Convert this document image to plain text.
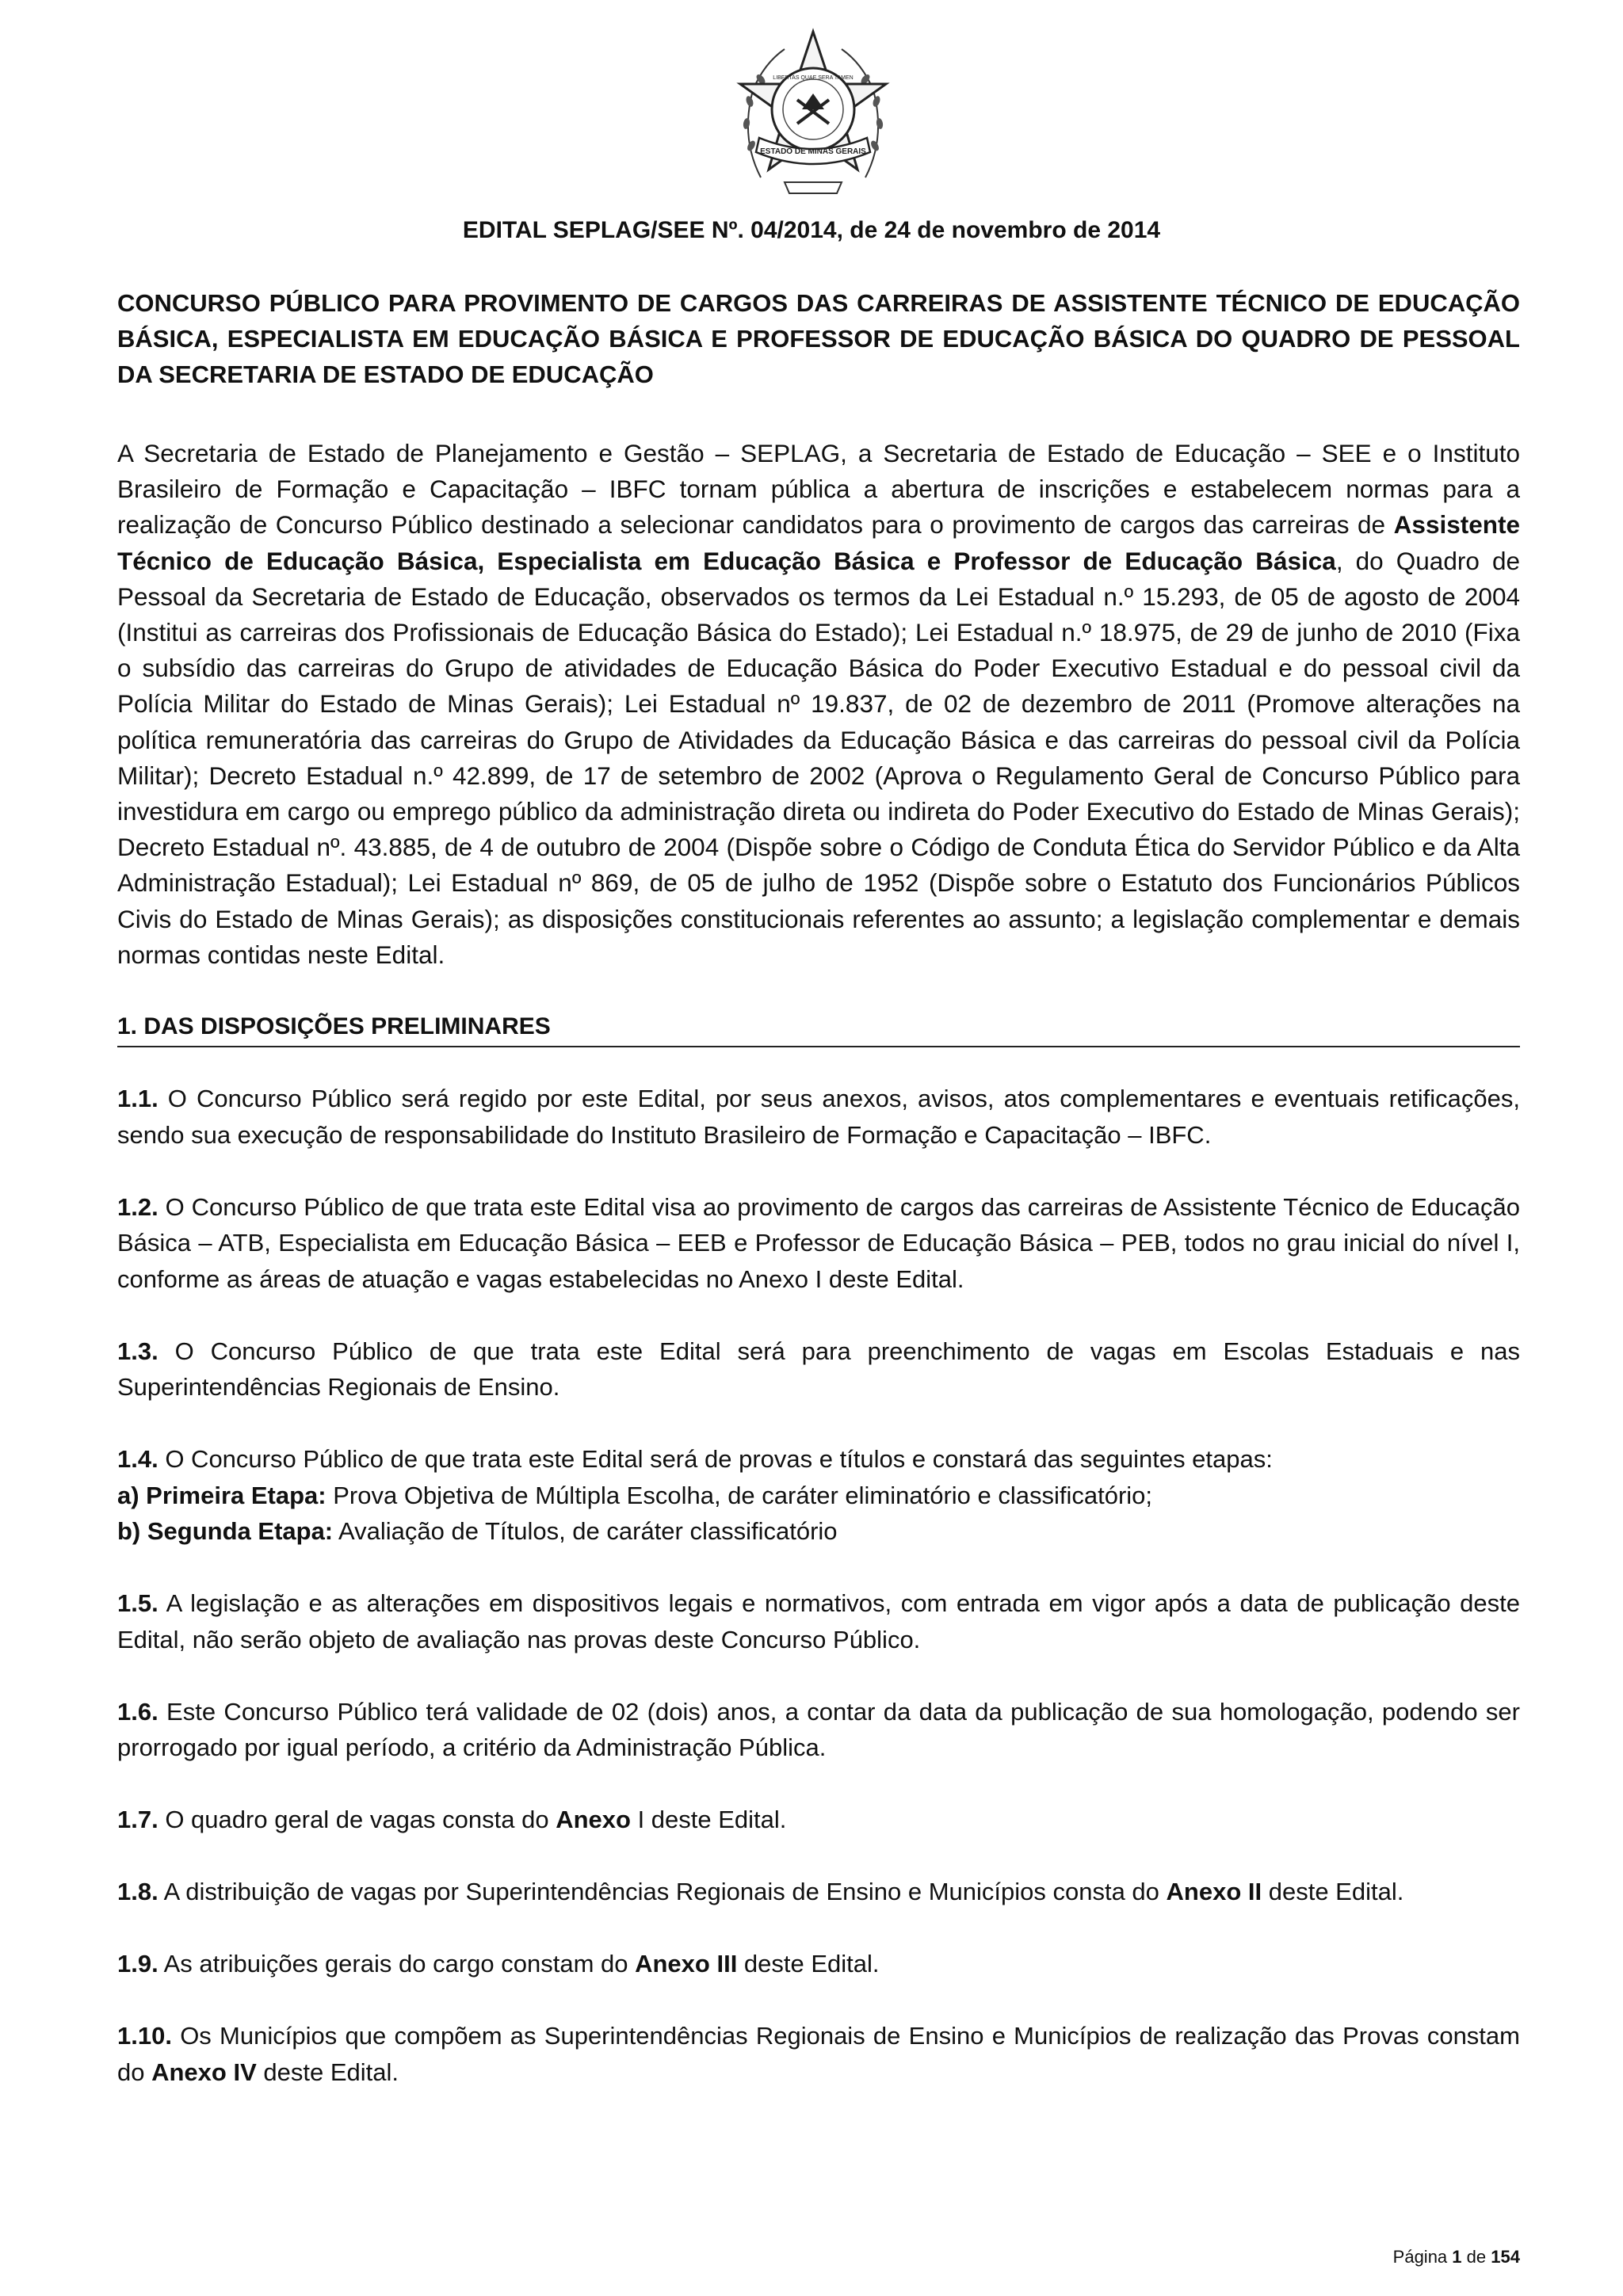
ESTADO DE MINAS GERAIS
LIBERTAS QUAE SERA TAMEN
EDITAL SEPLAG/SEE Nº. 04/2014, de 24 de novembro de 2014

CONCURSO PÚBLICO PARA PROVIMENTO DE CARGOS DAS CARREIRAS DE ASSISTENTE TÉCNICO DE EDUCAÇÃO BÁSICA, ESPECIALISTA EM EDUCAÇÃO BÁSICA E PROFESSOR DE EDUCAÇÃO BÁSICA DO QUADRO DE PESSOAL DA SECRETARIA DE ESTADO DE EDUCAÇÃO

A Secretaria de Estado de Planejamento e Gestão – SEPLAG, a Secretaria de Estado de Educação – SEE e o Instituto Brasileiro de Formação e Capacitação – IBFC tornam pública a abertura de inscrições e estabelecem normas para a realização de Concurso Público destinado a selecionar candidatos para o provimento de cargos das carreiras de Assistente Técnico de Educação Básica, Especialista em Educação Básica e Professor de Educação Básica, do Quadro de Pessoal da Secretaria de Estado de Educação, observados os termos da Lei Estadual n.º 15.293, de 05 de agosto de 2004 (Institui as carreiras dos Profissionais de Educação Básica do Estado); Lei Estadual n.º 18.975, de 29 de junho de 2010 (Fixa o subsídio das carreiras do Grupo de atividades de Educação Básica do Poder Executivo Estadual e do pessoal civil da Polícia Militar do Estado de Minas Gerais); Lei Estadual nº 19.837, de 02 de dezembro de 2011 (Promove alterações na política remuneratória das carreiras do Grupo de Atividades da Educação Básica e das carreiras do pessoal civil da Polícia Militar); Decreto Estadual n.º 42.899, de 17 de setembro de 2002 (Aprova o Regulamento Geral de Concurso Público para investidura em cargo ou emprego público da administração direta ou indireta do Poder Executivo do Estado de Minas Gerais); Decreto Estadual nº. 43.885, de 4 de outubro de 2004 (Dispõe sobre o Código de Conduta Ética do Servidor Público e da Alta Administração Estadual); Lei Estadual nº 869, de 05 de julho de 1952 (Dispõe sobre o Estatuto dos Funcionários Públicos Civis do Estado de Minas Gerais); as disposições constitucionais referentes ao assunto; a legislação complementar e demais normas contidas neste Edital.

1. DAS DISPOSIÇÕES PRELIMINARES

1.1. O Concurso Público será regido por este Edital, por seus anexos, avisos, atos complementares e eventuais retificações, sendo sua execução de responsabilidade do Instituto Brasileiro de Formação e Capacitação – IBFC.

1.2. O Concurso Público de que trata este Edital visa ao provimento de cargos das carreiras de Assistente Técnico de Educação Básica – ATB, Especialista em Educação Básica – EEB e Professor de Educação Básica – PEB, todos no grau inicial do nível I, conforme as áreas de atuação e vagas estabelecidas no Anexo I deste Edital.

1.3. O Concurso Público de que trata este Edital será para preenchimento de vagas em Escolas Estaduais e nas Superintendências Regionais de Ensino.

1.4. O Concurso Público de que trata este Edital será de provas e títulos e constará das seguintes etapas:
a) Primeira Etapa: Prova Objetiva de Múltipla Escolha, de caráter eliminatório e classificatório;
b) Segunda Etapa: Avaliação de Títulos, de caráter classificatório

1.5. A legislação e as alterações em dispositivos legais e normativos, com entrada em vigor após a data de publicação deste Edital, não serão objeto de avaliação nas provas deste Concurso Público.

1.6. Este Concurso Público terá validade de 02 (dois) anos, a contar da data da publicação de sua homologação, podendo ser prorrogado por igual período, a critério da Administração Pública.

1.7. O quadro geral de vagas consta do Anexo I deste Edital.

1.8. A distribuição de vagas por Superintendências Regionais de Ensino e Municípios consta do Anexo II deste Edital.

1.9. As atribuições gerais do cargo constam do Anexo III deste Edital.

1.10. Os Municípios que compõem as Superintendências Regionais de Ensino e Municípios de realização das Provas constam do Anexo IV deste Edital.

Página 1 de 154
